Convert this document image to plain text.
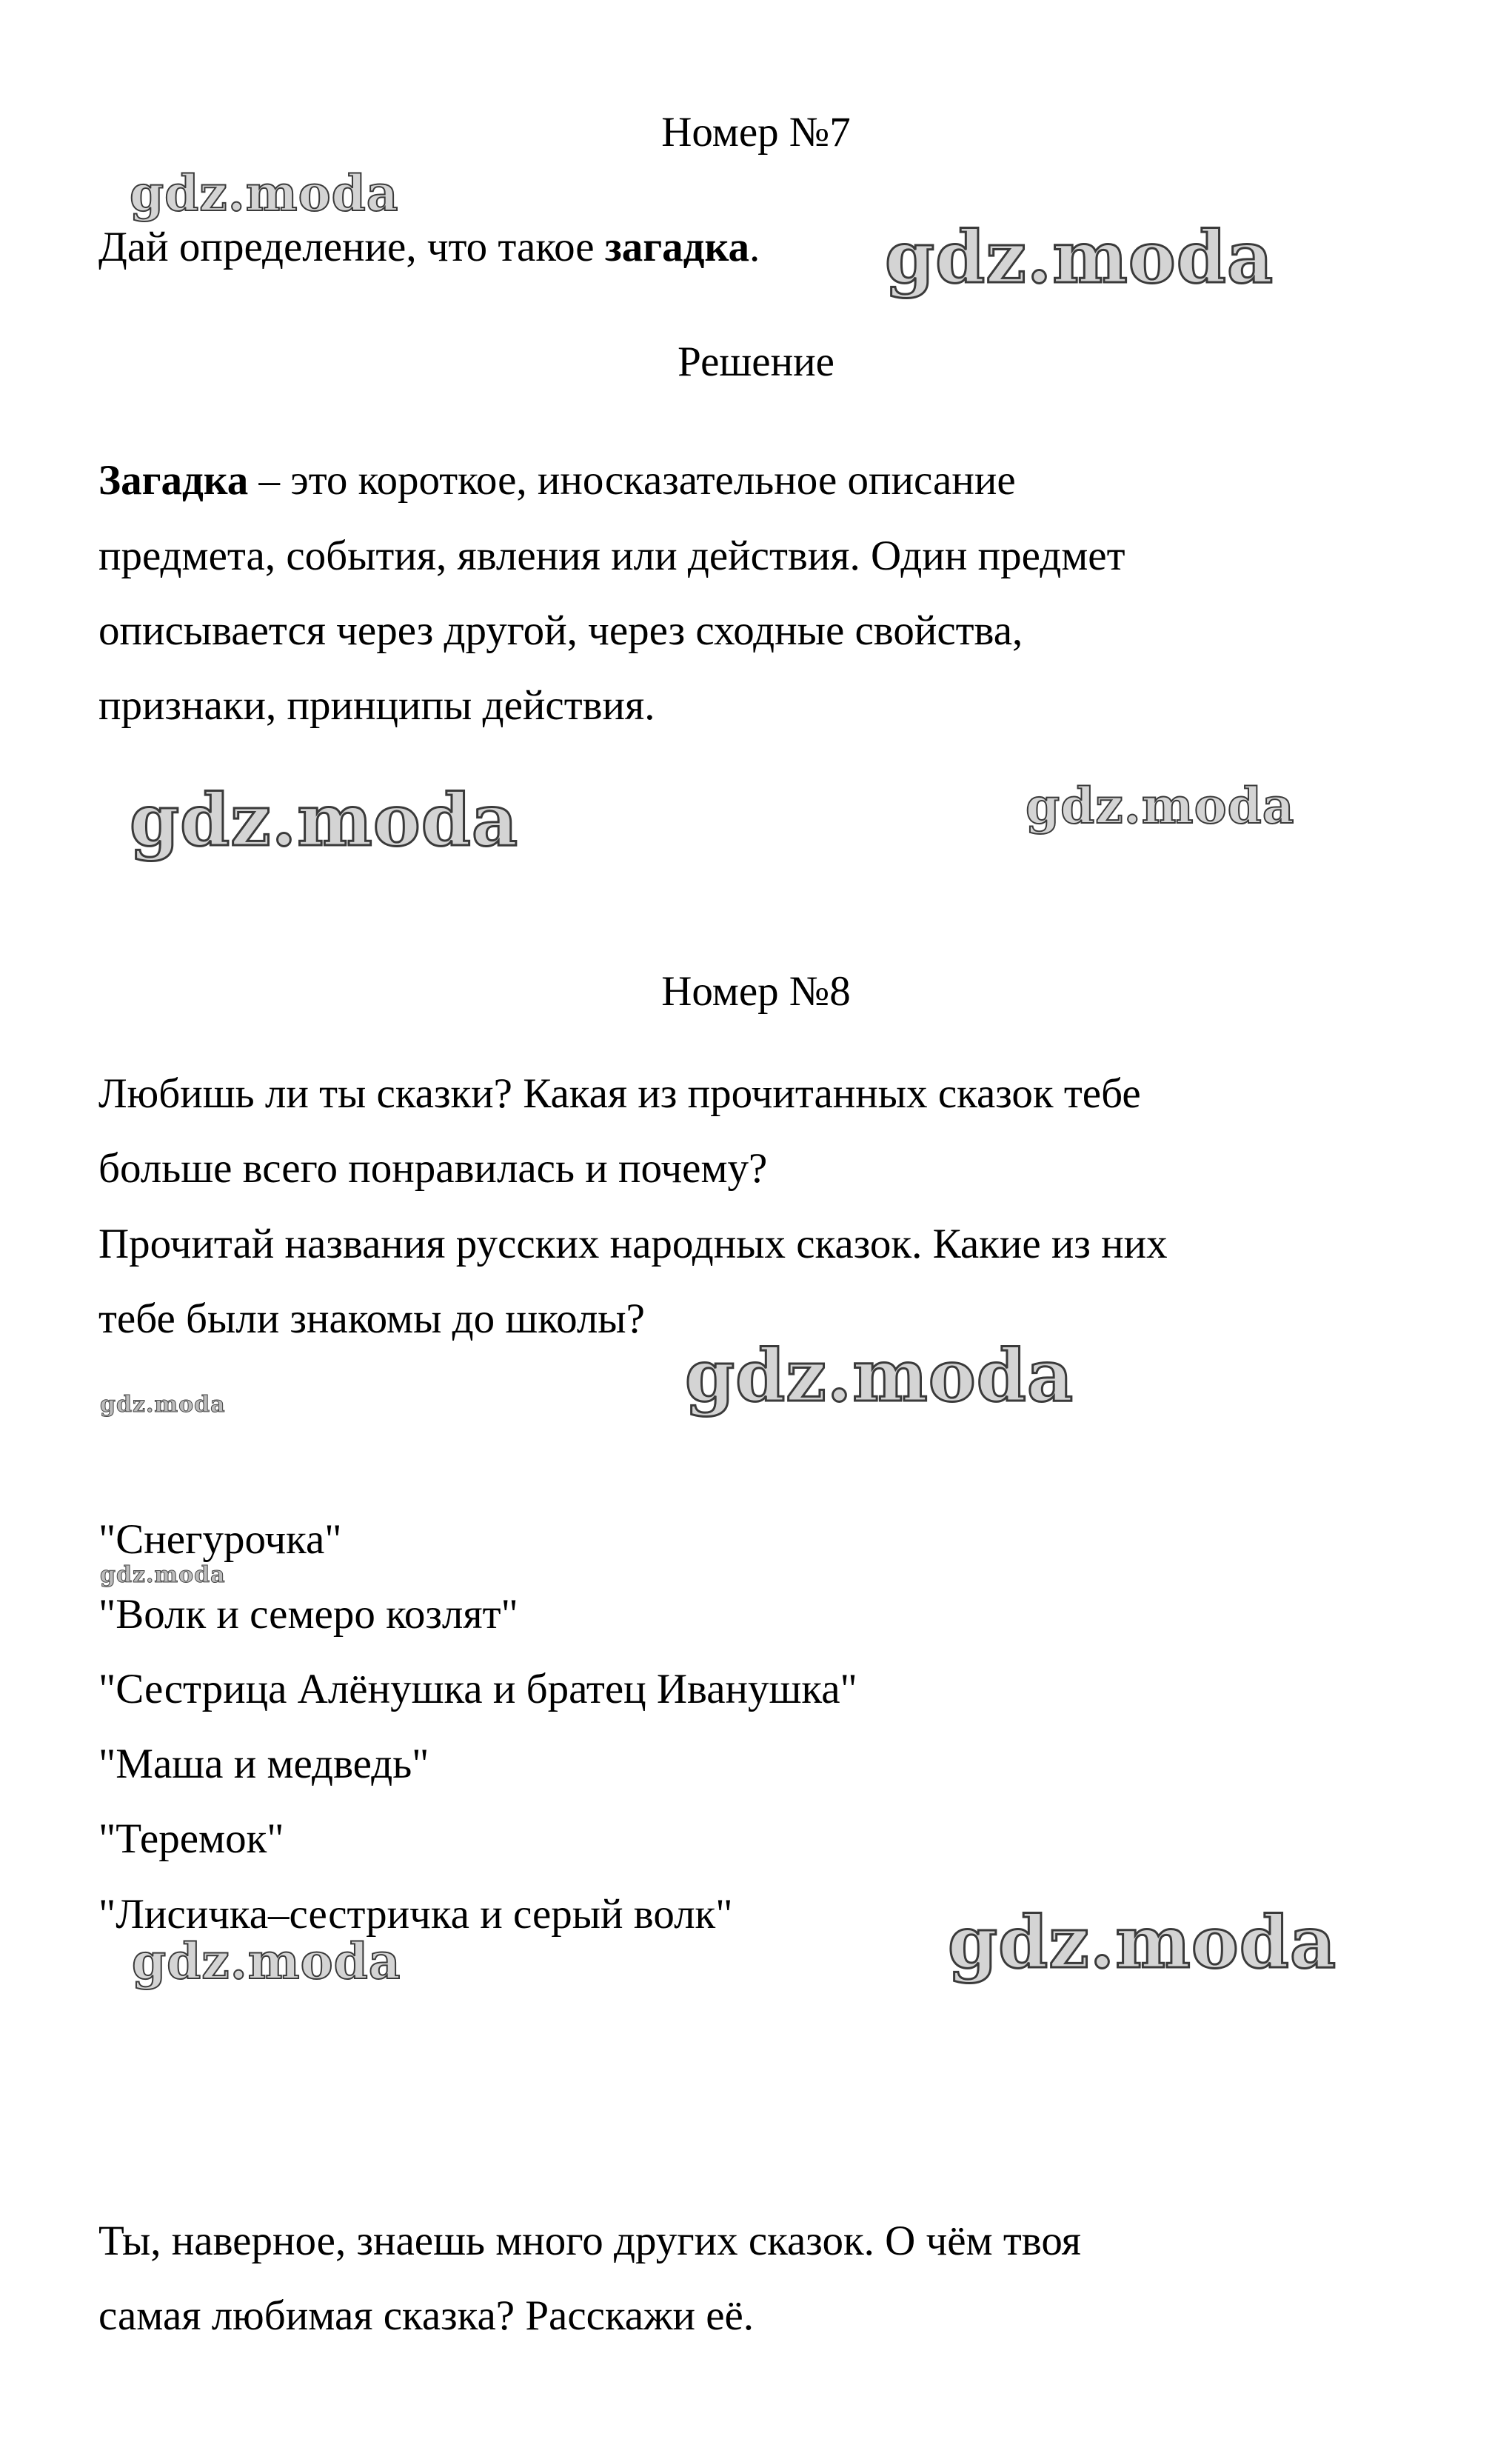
Номер №7
Дай определение, что такое загадка.
Решение
Загадка – это короткое, иносказательное описание
предмета, события, явления или действия. Один предмет
описывается через другой, через сходные свойства,
признаки, принципы действия.
Номер №8
Любишь ли ты сказки? Какая из прочитанных сказок тебе
больше всего понравилась и почему?
Прочитай названия русских народных сказок. Какие из них
тебе были знакомы до школы?
"Снегурочка"
"Волк и семеро козлят"
"Сестрица Алёнушка и братец Иванушка"
"Маша и медведь"
"Теремок"
"Лисичка–сестричка и серый волк"
Ты, наверное, знаешь много других сказок. О чём твоя
самая любимая сказка? Расскажи её.
gdz.moda
gdz.moda
gdz.moda	gdz.moda
gdz.moda	gdz.moda
gdz.moda
gdz.moda	gdz.moda
